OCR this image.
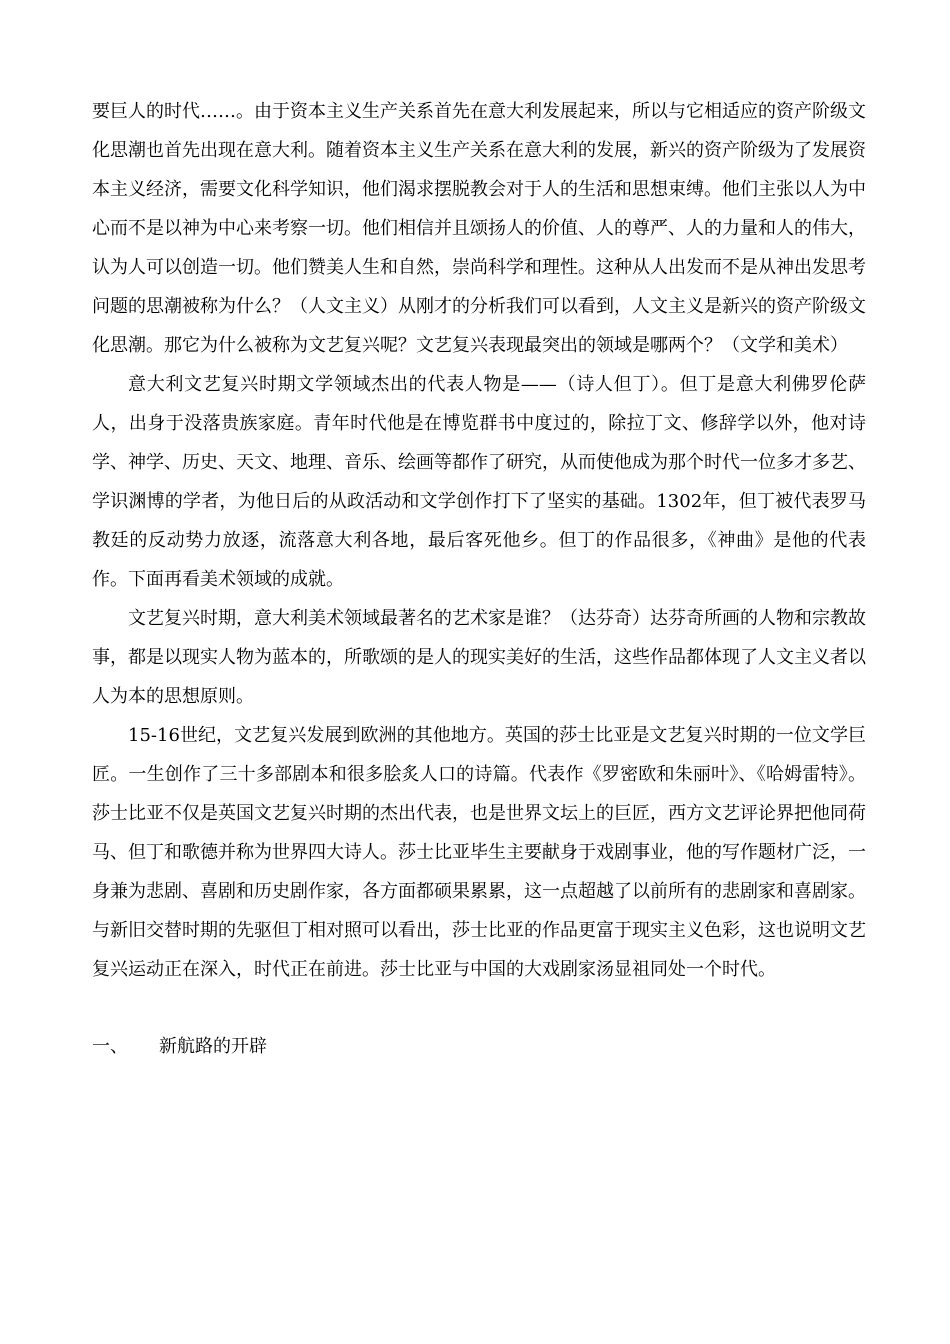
要巨人的时代……。由于资本主义生产关系首先在意大利发展起来，所以与它相适应的资产阶级文化思潮也首先出现在意大利。随着资本主义生产关系在意大利的发展，新兴的资产阶级为了发展资本主义经济，需要文化科学知识，他们渴求摆脱教会对于人的生活和思想束缚。他们主张以人为中心而不是以神为中心来考察一切。他们相信并且颂扬人的价值、人的尊严、人的力量和人的伟大，认为人可以创造一切。他们赞美人生和自然，崇尚科学和理性。这种从人出发而不是从神出发思考问题的思潮被称为什么？（人文主义）从刚才的分析我们可以看到，人文主义是新兴的资产阶级文化思潮。那它为什么被称为文艺复兴呢？文艺复兴表现最突出的领域是哪两个？（文学和美术）

意大利文艺复兴时期文学领域杰出的代表人物是——（诗人但丁）。但丁是意大利佛罗伦萨人，出身于没落贵族家庭。青年时代他是在博览群书中度过的，除拉丁文、修辞学以外，他对诗学、神学、历史、天文、地理、音乐、绘画等都作了研究，从而使他成为那个时代一位多才多艺、学识渊博的学者，为他日后的从政活动和文学创作打下了坚实的基础。1302年，但丁被代表罗马教廷的反动势力放逐，流落意大利各地，最后客死他乡。但丁的作品很多，《神曲》是他的代表作。下面再看美术领域的成就。

文艺复兴时期，意大利美术领域最著名的艺术家是谁？（达芬奇）达芬奇所画的人物和宗教故事，都是以现实人物为蓝本的，所歌颂的是人的现实美好的生活，这些作品都体现了人文主义者以人为本的思想原则。

15-16世纪，文艺复兴发展到欧洲的其他地方。英国的莎士比亚是文艺复兴时期的一位文学巨匠。一生创作了三十多部剧本和很多脍炙人口的诗篇。代表作《罗密欧和朱丽叶》、《哈姆雷特》。莎士比亚不仅是英国文艺复兴时期的杰出代表，也是世界文坛上的巨匠，西方文艺评论界把他同荷马、但丁和歌德并称为世界四大诗人。莎士比亚毕生主要献身于戏剧事业，他的写作题材广泛，一身兼为悲剧、喜剧和历史剧作家，各方面都硕果累累，这一点超越了以前所有的悲剧家和喜剧家。与新旧交替时期的先驱但丁相对照可以看出，莎士比亚的作品更富于现实主义色彩，这也说明文艺复兴运动正在深入，时代正在前进。莎士比亚与中国的大戏剧家汤显祖同处一个时代。

一、	新航路的开辟
